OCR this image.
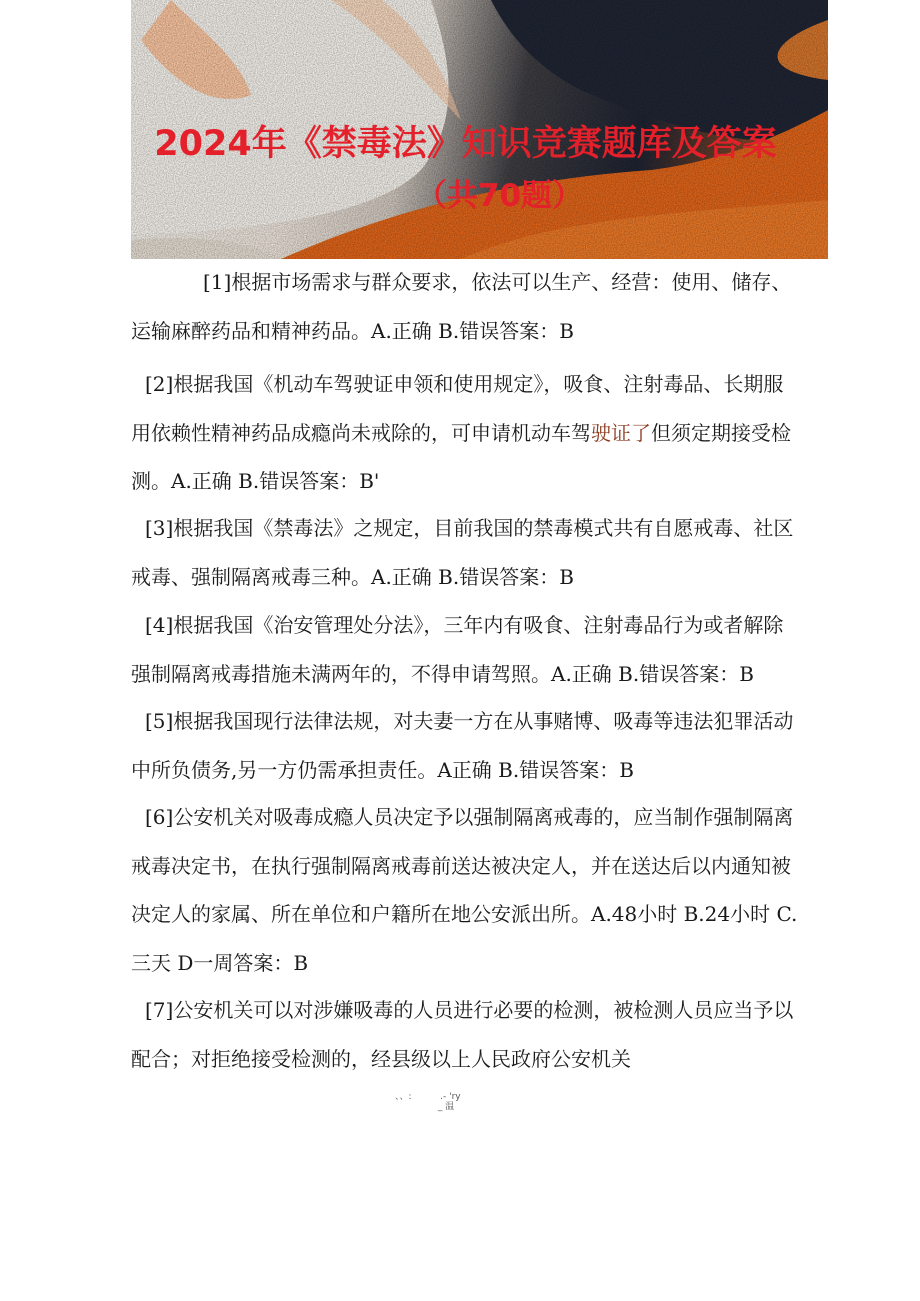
2024年《禁毒法》知识竞赛题库及答案
（共70题）
[1]根据市场需求与群众要求，依法可以生产、经营：使用、储存、
运输麻醉药品和精神药品。A.正确 B.错误答案：B
[2]根据我国《机动车驾驶证申领和使用规定》，吸食、注射毒品、长期服
用依赖性精神药品成瘾尚未戒除的，可申请机动车驾驶证了但须定期接受检
测。A.正确 B.错误答案：B'
[3]根据我国《禁毒法》之规定，目前我国的禁毒模式共有自愿戒毒、社区
戒毒、强制隔离戒毒三种。A.正确 B.错误答案：B
[4]根据我国《治安管理处分法》，三年内有吸食、注射毒品行为或者解除
强制隔离戒毒措施未满两年的，不得申请驾照。A.正确 B.错误答案：B
[5]根据我国现行法律法规，对夫妻一方在从事赌博、吸毒等违法犯罪活动
中所负债务,另一方仍需承担责任。A正确 B.错误答案：B
[6]公安机关对吸毒成瘾人员决定予以强制隔离戒毒的，应当制作强制隔离
戒毒决定书，在执行强制隔离戒毒前送达被决定人，并在送达后以内通知被
决定人的家属、所在单位和户籍所在地公安派出所。A.48小时 B.24小时 C.
三天 D一周答案：B
[7]公安机关可以对涉嫌吸毒的人员进行必要的检测，被检测人员应当予以
配合；对拒绝接受检测的，经县级以上人民政府公安机关
、、:          .- 'ry
_ 温
